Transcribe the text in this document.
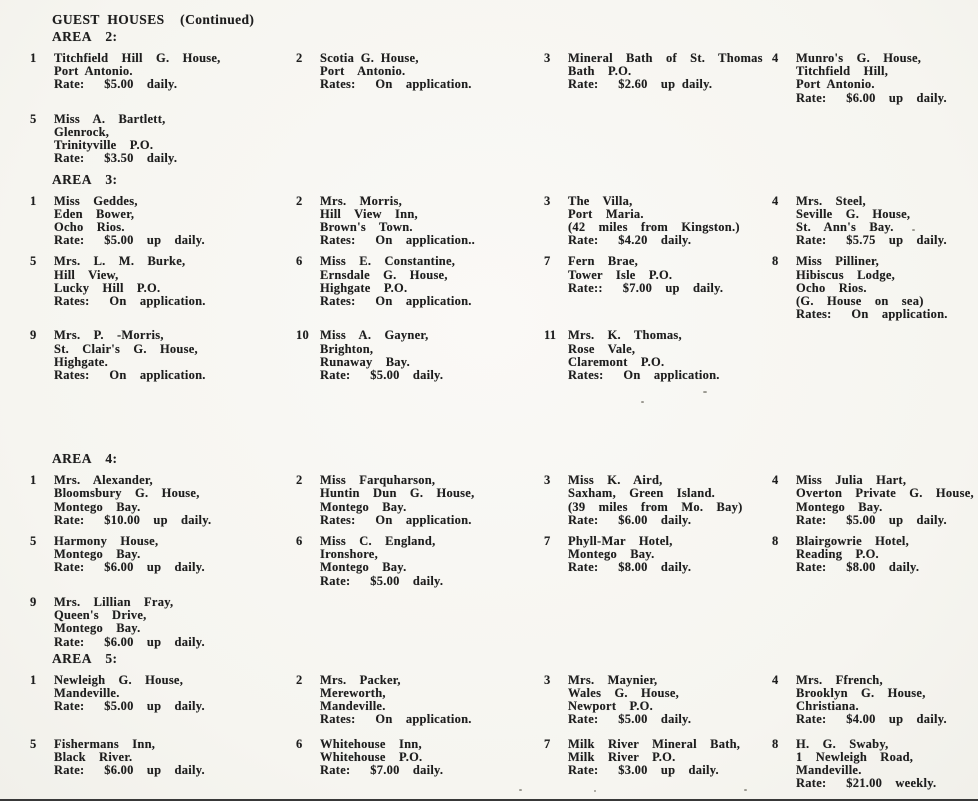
GUEST HOUSES  (Continued)
AREA  2:
1	Titchfield  Hill  G.  House,
Port Antonio.
Rate:   $5.00  daily.
2	Scotia G. House,
Port  Antonio.
Rates:   On  application.
3	Mineral  Bath  of  St.  Thomas
Bath  P.O.
Rate:   $2.60  up daily.
4	Munro's  G.  House,
Titchfield  Hill,
Port Antonio.
Rate:   $6.00  up  daily.
5	Miss  A.  Bartlett,
Glenrock,
Trinityville  P.O.
Rate:   $3.50  daily.
AREA  3:
1	Miss  Geddes,
Eden  Bower,
Ocho  Rios.
Rate:   $5.00  up  daily.
2	Mrs.  Morris,
Hill  View  Inn,
Brown's  Town.
Rates:   On  application..
3	The  Villa,
Port  Maria.
(42  miles  from  Kingston.)
Rate:   $4.20  daily.
4	Mrs.  Steel,
Seville  G.  House,
St.  Ann's  Bay.
Rate:   $5.75  up  daily.
5	Mrs.  L.  M.  Burke,
Hill  View,
Lucky  Hill  P.O.
Rates:   On  application.
6	Miss  E.  Constantine,
Ernsdale  G.  House,
Highgate  P.O.
Rates:   On  application.
7	Fern  Brae,
Tower  Isle  P.O.
Rate::   $7.00  up  daily.
8	Miss  Pilliner,
Hibiscus  Lodge,
Ocho  Rios.
(G.  House  on  sea)
Rates:   On  application.
9	Mrs.  P.  -Morris,
St.  Clair's  G.  House,
Highgate.
Rates:   On  application.
10 Miss  A.  Gayner,
Brighton,
Runaway  Bay.
Rate:   $5.00  daily.
11 Mrs.  K.  Thomas,
Rose  Vale,
Claremont  P.O.
Rates:   On  application.
AREA  4:
1	Mrs.  Alexander,
Bloomsbury  G.  House,
Montego  Bay.
Rate:   $10.00  up  daily.
2	Miss  Farquharson,
Huntin  Dun  G.  House,
Montego  Bay.
Rates:   On  application.
3	Miss  K.  Aird,
Saxham,  Green  Island.
(39  miles  from  Mo.  Bay)
Rate:   $6.00  daily.
4	Miss  Julia  Hart,
Overton  Private  G.  House,
Montego  Bay.
Rate:   $5.00  up  daily.
5	Harmony  House,
Montego  Bay.
Rate:   $6.00  up  daily.
6	Miss  C.  England,
Ironshore,
Montego  Bay.
Rate:   $5.00  daily.
7	Phyll-Mar  Hotel,
Montego  Bay.
Rate:   $8.00  daily.
8	Blairgowrie  Hotel,
Reading  P.O.
Rate:   $8.00  daily.
9	Mrs.  Lillian  Fray,
Queen's  Drive,
Montego  Bay.
Rate:   $6.00  up  daily.
AREA  5:
1	Newleigh  G.  House,
Mandeville.
Rate:   $5.00  up  daily.
2	Mrs.  Packer,
Mereworth,
Mandeville.
Rates:   On  application.
3	Mrs.  Maynier,
Wales  G.  House,
Newport  P.O.
Rate:   $5.00  daily.
4	Mrs.  Ffrench,
Brooklyn  G.  House,
Christiana.
Rate:   $4.00  up  daily.
5	Fishermans  Inn,
Black  River.
Rate:   $6.00  up  daily.
6	Whitehouse  Inn,
Whitehouse  P.O.
Rate:   $7.00  daily.
7	Milk  River  Mineral  Bath,
Milk  River  P.O.
Rate:   $3.00  up  daily.
8	H.  G.  Swaby,
1  Newleigh  Road,
Mandeville.
Rate:   $21.00  weekly.
